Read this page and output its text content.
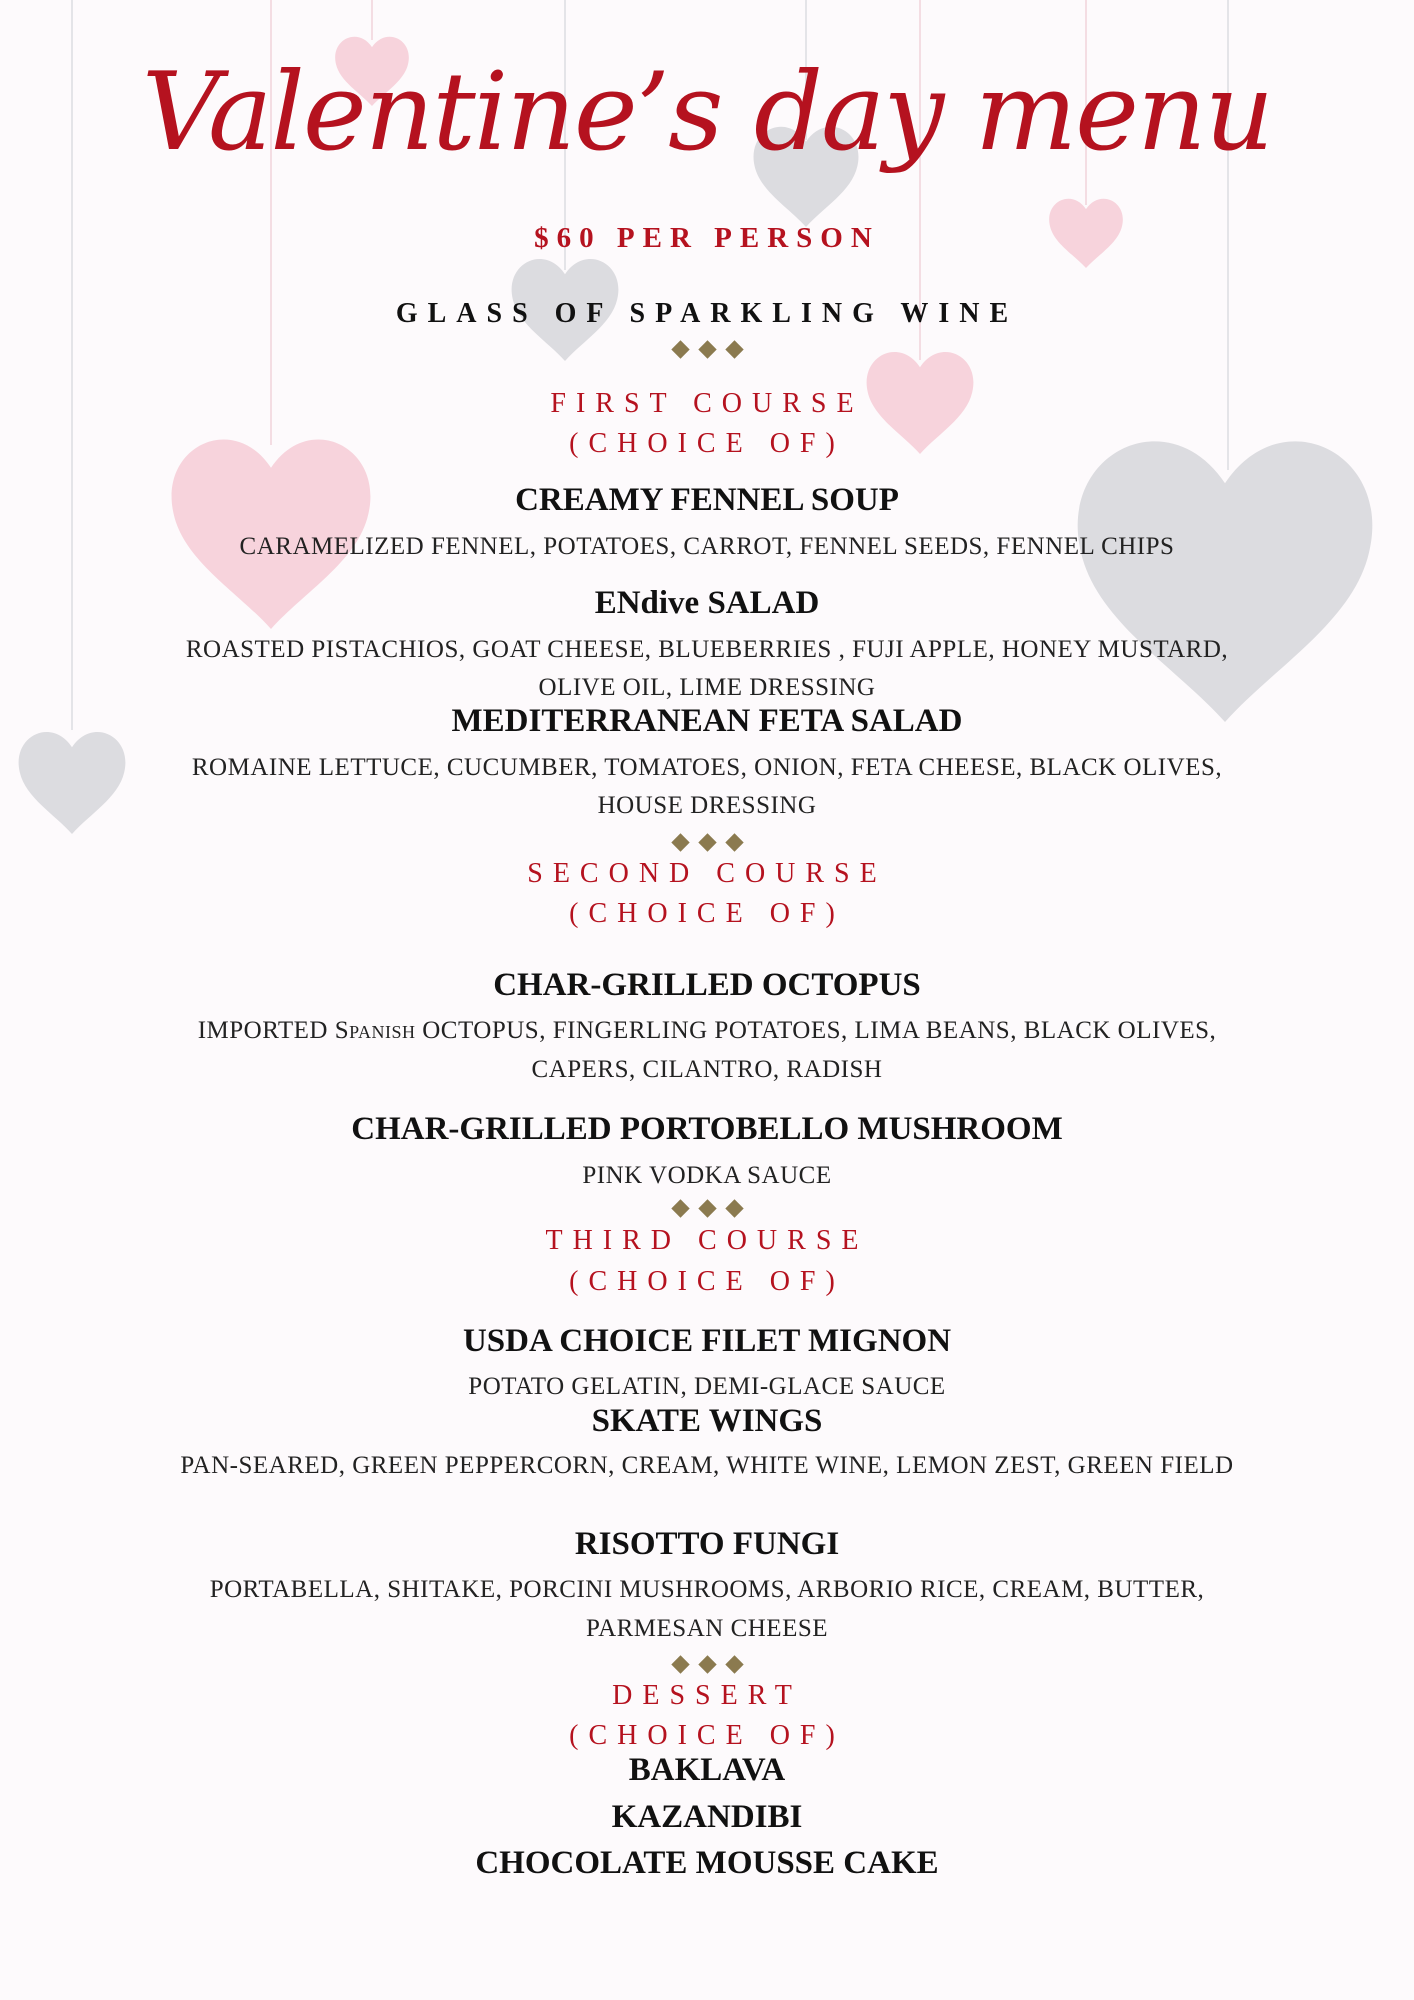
Valentine’s day menu
$60 PER PERSON
GLASS OF SPARKLING WINE
FIRST COURSE
(CHOICE OF)
CREAMY FENNEL SOUP
CARAMELIZED FENNEL, POTATOES, CARROT, FENNEL SEEDS, FENNEL CHIPS
ENdive SALAD
ROASTED PISTACHIOS, GOAT CHEESE, BLUEBERRIES , FUJI APPLE, HONEY MUSTARD,
OLIVE OIL, LIME DRESSING
MEDITERRANEAN FETA SALAD
ROMAINE LETTUCE, CUCUMBER, TOMATOES, ONION, FETA CHEESE, BLACK OLIVES,
HOUSE DRESSING
SECOND COURSE
(CHOICE OF)
CHAR-GRILLED OCTOPUS
IMPORTED Spanish OCTOPUS, FINGERLING POTATOES, LIMA BEANS, BLACK OLIVES,
CAPERS, CILANTRO, RADISH
CHAR-GRILLED PORTOBELLO MUSHROOM
PINK VODKA SAUCE
THIRD COURSE
(CHOICE OF)
USDA CHOICE FILET MIGNON
POTATO GELATIN, DEMI-GLACE SAUCE
SKATE WINGS
PAN-SEARED, GREEN PEPPERCORN, CREAM, WHITE WINE, LEMON ZEST, GREEN FIELD
RISOTTO FUNGI
PORTABELLA, SHITAKE, PORCINI MUSHROOMS, ARBORIO RICE, CREAM, BUTTER,
PARMESAN CHEESE
DESSERT
(CHOICE OF)
BAKLAVA
KAZANDIBI
CHOCOLATE MOUSSE CAKE
